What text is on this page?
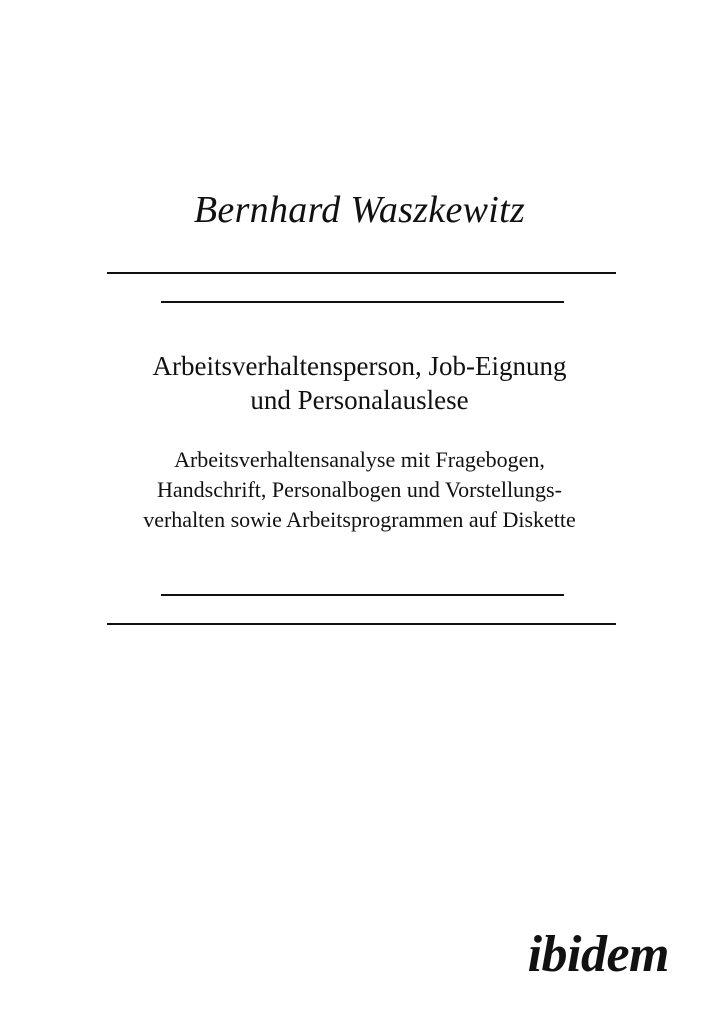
Bernhard Waszkewitz
Arbeitsverhaltensperson, Job-Eignung
und Personalauslese
Arbeitsverhaltensanalyse mit Fragebogen,
Handschrift, Personalbogen und Vorstellungs-
verhalten sowie Arbeitsprogrammen auf Diskette
ibidem
